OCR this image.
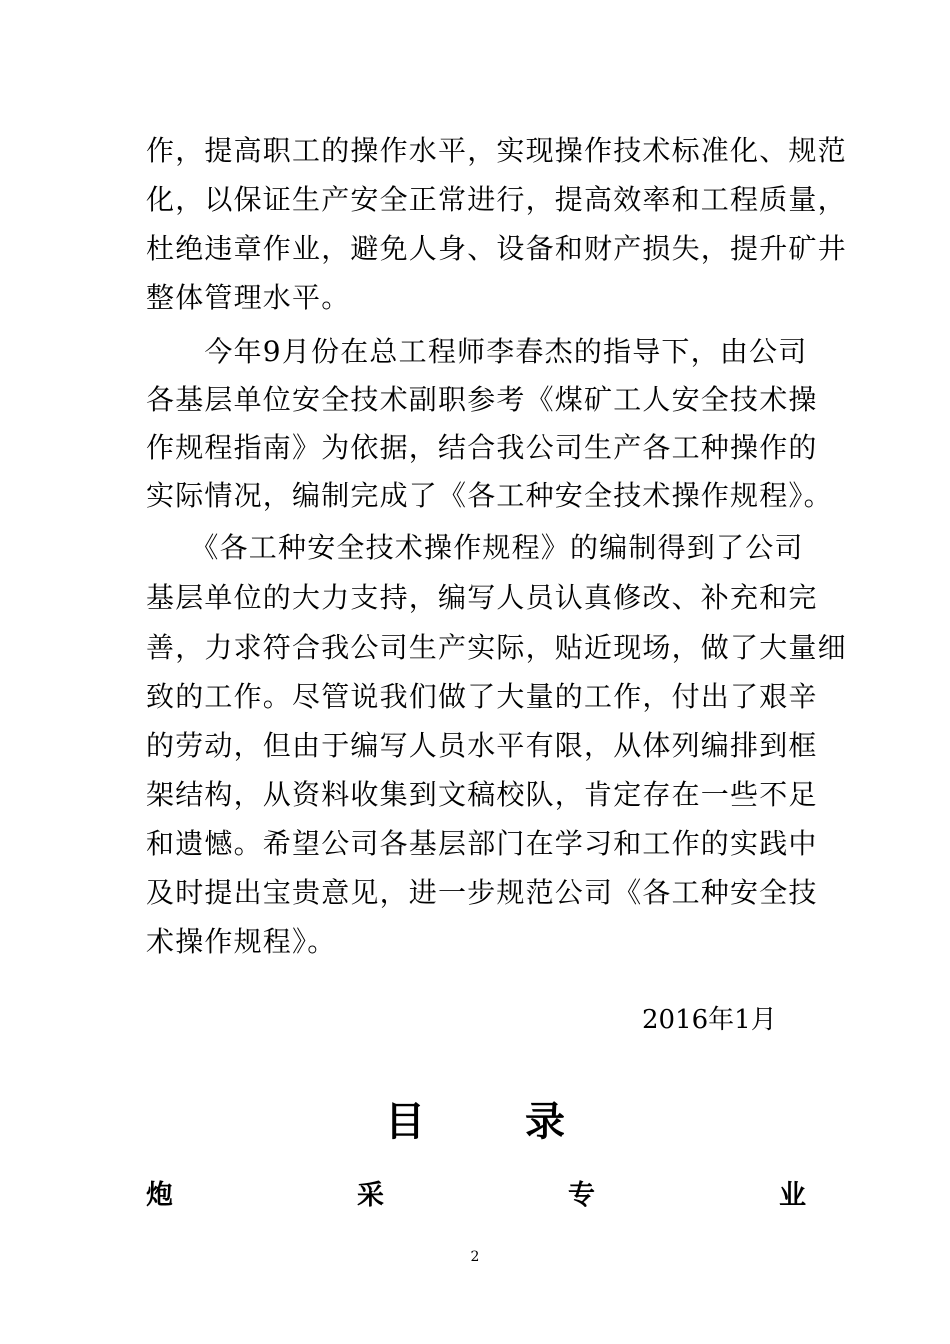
作，提高职工的操作水平，实现操作技术标准化、规范
化，以保证生产安全正常进行，提高效率和工程质量，
杜绝违章作业，避免人身、设备和财产损失，提升矿井
整体管理水平。
　　今年9月份在总工程师李春杰的指导下，由公司
各基层单位安全技术副职参考《煤矿工人安全技术操
作规程指南》为依据，结合我公司生产各工种操作的
实际情况，编制完成了《各工种安全技术操作规程》。
　　《各工种安全技术操作规程》的编制得到了公司
基层单位的大力支持，编写人员认真修改、补充和完
善，力求符合我公司生产实际，贴近现场，做了大量细
致的工作。尽管说我们做了大量的工作，付出了艰辛
的劳动，但由于编写人员水平有限，从体列编排到框
架结构，从资料收集到文稿校队，肯定存在一些不足
和遗憾。希望公司各基层部门在学习和工作的实践中
及时提出宝贵意见，进一步规范公司《各工种安全技
术操作规程》。
2016年1月
目	录
炮	采	专	业
2
